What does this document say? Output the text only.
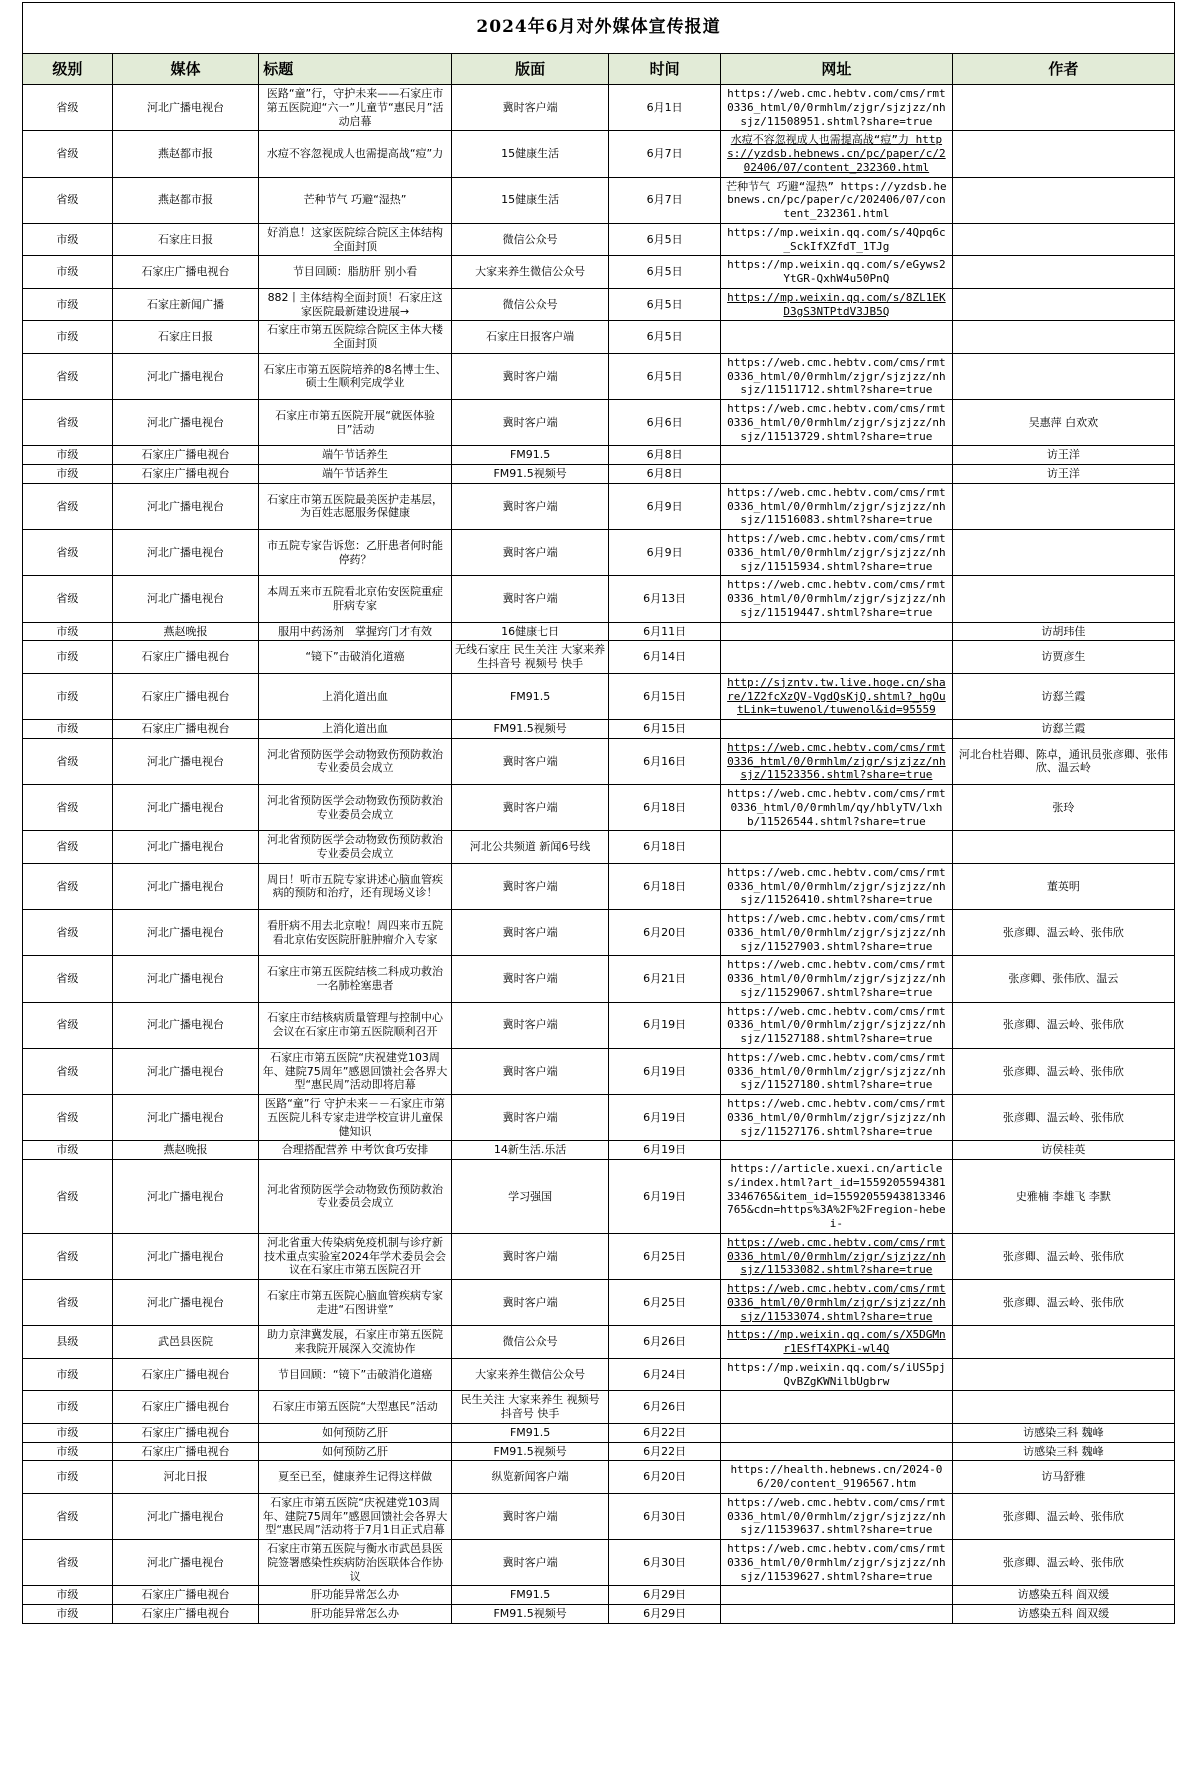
2024年6月对外媒体宣传报道						
级别	媒体	标题	版面	时间	网址	作者
省级	河北广播电视台	医路“童”行，守护未来——石家庄市第五医院迎“六一”儿童节“惠民月”活动启幕	冀时客户端	6月1日	https://web.cmc.hebtv.com/cms/rmt0336_html/0/0rmhlm/zjgr/sjzjzz/nhsjz/11508951.shtml?share=true	
省级	燕赵都市报	水痘不容忽视成人也需提高战“痘”力	15健康生活	6月7日	水痘不容忽视成人也需提高战“痘”力 https://yzdsb.hebnews.cn/pc/paper/c/202406/07/content_232360.html	
省级	燕赵都市报	芒种节气 巧避“湿热”	15健康生活	6月7日	芒种节气 巧避“湿热” https://yzdsb.hebnews.cn/pc/paper/c/202406/07/content_232361.html	
市级	石家庄日报	好消息！这家医院综合院区主体结构全面封顶	微信公众号	6月5日	https://mp.weixin.qq.com/s/4Qpq6c_SckIfXZfdT_1TJg	
市级	石家庄广播电视台	节目回顾：脂肪肝 别小看	大家来养生微信公众号	6月5日	https://mp.weixin.qq.com/s/eGyws2YtGR-QxhW4u50PnQ	
市级	石家庄新闻广播	882丨主体结构全面封顶！石家庄这家医院最新建设进展→	微信公众号	6月5日	https://mp.weixin.qq.com/s/8ZL1EKD3gS3NTPtdV3JB5Q	
市级	石家庄日报	石家庄市第五医院综合院区主体大楼全面封顶	石家庄日报客户端	6月5日		
省级	河北广播电视台	石家庄市第五医院培养的8名博士生、硕士生顺利完成学业	冀时客户端	6月5日	https://web.cmc.hebtv.com/cms/rmt0336_html/0/0rmhlm/zjgr/sjzjzz/nhsjz/11511712.shtml?share=true	
省级	河北广播电视台	石家庄市第五医院开展“就医体验日”活动	冀时客户端	6月6日	https://web.cmc.hebtv.com/cms/rmt0336_html/0/0rmhlm/zjgr/sjzjzz/nhsjz/11513729.shtml?share=true	吴惠萍 白欢欢
市级	石家庄广播电视台	端午节话养生	FM91.5	6月8日		访王洋
市级	石家庄广播电视台	端午节话养生	FM91.5视频号	6月8日		访王洋
省级	河北广播电视台	石家庄市第五医院最美医护走基层，为百姓志愿服务保健康	冀时客户端	6月9日	https://web.cmc.hebtv.com/cms/rmt0336_html/0/0rmhlm/zjgr/sjzjzz/nhsjz/11516083.shtml?share=true	
省级	河北广播电视台	市五院专家告诉您：乙肝患者何时能停药？	冀时客户端	6月9日	https://web.cmc.hebtv.com/cms/rmt0336_html/0/0rmhlm/zjgr/sjzjzz/nhsjz/11515934.shtml?share=true	
省级	河北广播电视台	本周五来市五院看北京佑安医院重症肝病专家	冀时客户端	6月13日	https://web.cmc.hebtv.com/cms/rmt0336_html/0/0rmhlm/zjgr/sjzjzz/nhsjz/11519447.shtml?share=true	
市级	燕赵晚报	服用中药汤剂　掌握窍门才有效	16健康七日	6月11日		访胡玮佳
市级	石家庄广播电视台	“镜下”击破消化道癌	无线石家庄 民生关注 大家来养生抖音号 视频号 快手	6月14日		访贾彦生
市级	石家庄广播电视台	上消化道出血	FM91.5	6月15日	http://sjzntv.tw.live.hoge.cn/share/1Z2fcXzQV-VgdQsKjQ.shtml?_hgOutLink=tuwenol/tuwenol&id=95559	访郄兰霞
市级	石家庄广播电视台	上消化道出血	FM91.5视频号	6月15日		访郄兰霞
省级	河北广播电视台	河北省预防医学会动物致伤预防救治专业委员会成立	冀时客户端	6月16日	https://web.cmc.hebtv.com/cms/rmt0336_html/0/0rmhlm/zjgr/sjzjzz/nhsjz/11523356.shtml?share=true	河北台杜岩卿、陈卓，通讯员张彦卿、张伟欣、温云岭
省级	河北广播电视台	河北省预防医学会动物致伤预防救治专业委员会成立	冀时客户端	6月18日	https://web.cmc.hebtv.com/cms/rmt0336_html/0/0rmhlm/qy/hblyTV/lxhb/11526544.shtml?share=true	张玲
省级	河北广播电视台	河北省预防医学会动物致伤预防救治专业委员会成立	河北公共频道 新闻6号线	6月18日		
省级	河北广播电视台	周日！听市五院专家讲述心脑血管疾病的预防和治疗，还有现场义诊！	冀时客户端	6月18日	https://web.cmc.hebtv.com/cms/rmt0336_html/0/0rmhlm/zjgr/sjzjzz/nhsjz/11526410.shtml?share=true	董英明
省级	河北广播电视台	看肝病不用去北京啦！周四来市五院看北京佑安医院肝脏肿瘤介入专家	冀时客户端	6月20日	https://web.cmc.hebtv.com/cms/rmt0336_html/0/0rmhlm/zjgr/sjzjzz/nhsjz/11527903.shtml?share=true	张彦卿、温云岭、张伟欣
省级	河北广播电视台	石家庄市第五医院结核二科成功救治一名肺栓塞患者	冀时客户端	6月21日	https://web.cmc.hebtv.com/cms/rmt0336_html/0/0rmhlm/zjgr/sjzjzz/nhsjz/11529067.shtml?share=true	张彦卿、张伟欣、温云
省级	河北广播电视台	石家庄市结核病质量管理与控制中心会议在石家庄市第五医院顺利召开	冀时客户端	6月19日	https://web.cmc.hebtv.com/cms/rmt0336_html/0/0rmhlm/zjgr/sjzjzz/nhsjz/11527188.shtml?share=true	张彦卿、温云岭、张伟欣
省级	河北广播电视台	石家庄市第五医院“庆祝建党103周年、建院75周年”感恩回馈社会各界大型“惠民周”活动即将启幕	冀时客户端	6月19日	https://web.cmc.hebtv.com/cms/rmt0336_html/0/0rmhlm/zjgr/sjzjzz/nhsjz/11527180.shtml?share=true	张彦卿、温云岭、张伟欣
省级	河北广播电视台	医路“童”行 守护未来－－石家庄市第五医院儿科专家走进学校宣讲儿童保健知识	冀时客户端	6月19日	https://web.cmc.hebtv.com/cms/rmt0336_html/0/0rmhlm/zjgr/sjzjzz/nhsjz/11527176.shtml?share=true	张彦卿、温云岭、张伟欣
市级	燕赵晚报	合理搭配营养 中考饮食巧安排	14新生活.乐活	6月19日		访侯桂英
省级	河北广播电视台	河北省预防医学会动物致伤预防救治专业委员会成立	学习强国	6月19日	https://article.xuexi.cn/articles/index.html?art_id=15592055943813346765&item_id=15592055943813346765&cdn=https%3A%2F%2Fregion-hebei-	史雅楠 李雄飞 李默
省级	河北广播电视台	河北省重大传染病免疫机制与诊疗新技术重点实验室2024年学术委员会会议在石家庄市第五医院召开	冀时客户端	6月25日	https://web.cmc.hebtv.com/cms/rmt0336_html/0/0rmhlm/zjgr/sjzjzz/nhsjz/11533082.shtml?share=true	张彦卿、温云岭、张伟欣
省级	河北广播电视台	石家庄市第五医院心脑血管疾病专家走进“石图讲堂”	冀时客户端	6月25日	https://web.cmc.hebtv.com/cms/rmt0336_html/0/0rmhlm/zjgr/sjzjzz/nhsjz/11533074.shtml?share=true	张彦卿、温云岭、张伟欣
县级	武邑县医院	助力京津冀发展，石家庄市第五医院来我院开展深入交流协作	微信公众号	6月26日	https://mp.weixin.qq.com/s/X5DGMnr1ESfT4XPKi-wl4Q	
市级	石家庄广播电视台	节目回顾：“镜下”击破消化道癌	大家来养生微信公众号	6月24日	https://mp.weixin.qq.com/s/iUS5pjQvBZgKWNilbUgbrw	
市级	石家庄广播电视台	石家庄市第五医院“大型惠民”活动	民生关注 大家来养生 视频号 抖音号 快手	6月26日		
市级	石家庄广播电视台	如何预防乙肝	FM91.5	6月22日		访感染三科 魏峰
市级	石家庄广播电视台	如何预防乙肝	FM91.5视频号	6月22日		访感染三科 魏峰
市级	河北日报	夏至已至，健康养生记得这样做	纵览新闻客户端	6月20日	https://health.hebnews.cn/2024-06/20/content_9196567.htm	访马舒雅
省级	河北广播电视台	石家庄市第五医院“庆祝建党103周年、建院75周年”感恩回馈社会各界大型“惠民周”活动将于7月1日正式启幕	冀时客户端	6月30日	https://web.cmc.hebtv.com/cms/rmt0336_html/0/0rmhlm/zjgr/sjzjzz/nhsjz/11539637.shtml?share=true	张彦卿、温云岭、张伟欣
省级	河北广播电视台	石家庄市第五医院与衡水市武邑县医院签署感染性疾病防治医联体合作协议	冀时客户端	6月30日	https://web.cmc.hebtv.com/cms/rmt0336_html/0/0rmhlm/zjgr/sjzjzz/nhsjz/11539627.shtml?share=true	张彦卿、温云岭、张伟欣
市级	石家庄广播电视台	肝功能异常怎么办	FM91.5	6月29日		访感染五科 阎双缓
市级	石家庄广播电视台	肝功能异常怎么办	FM91.5视频号	6月29日		访感染五科 阎双缓
